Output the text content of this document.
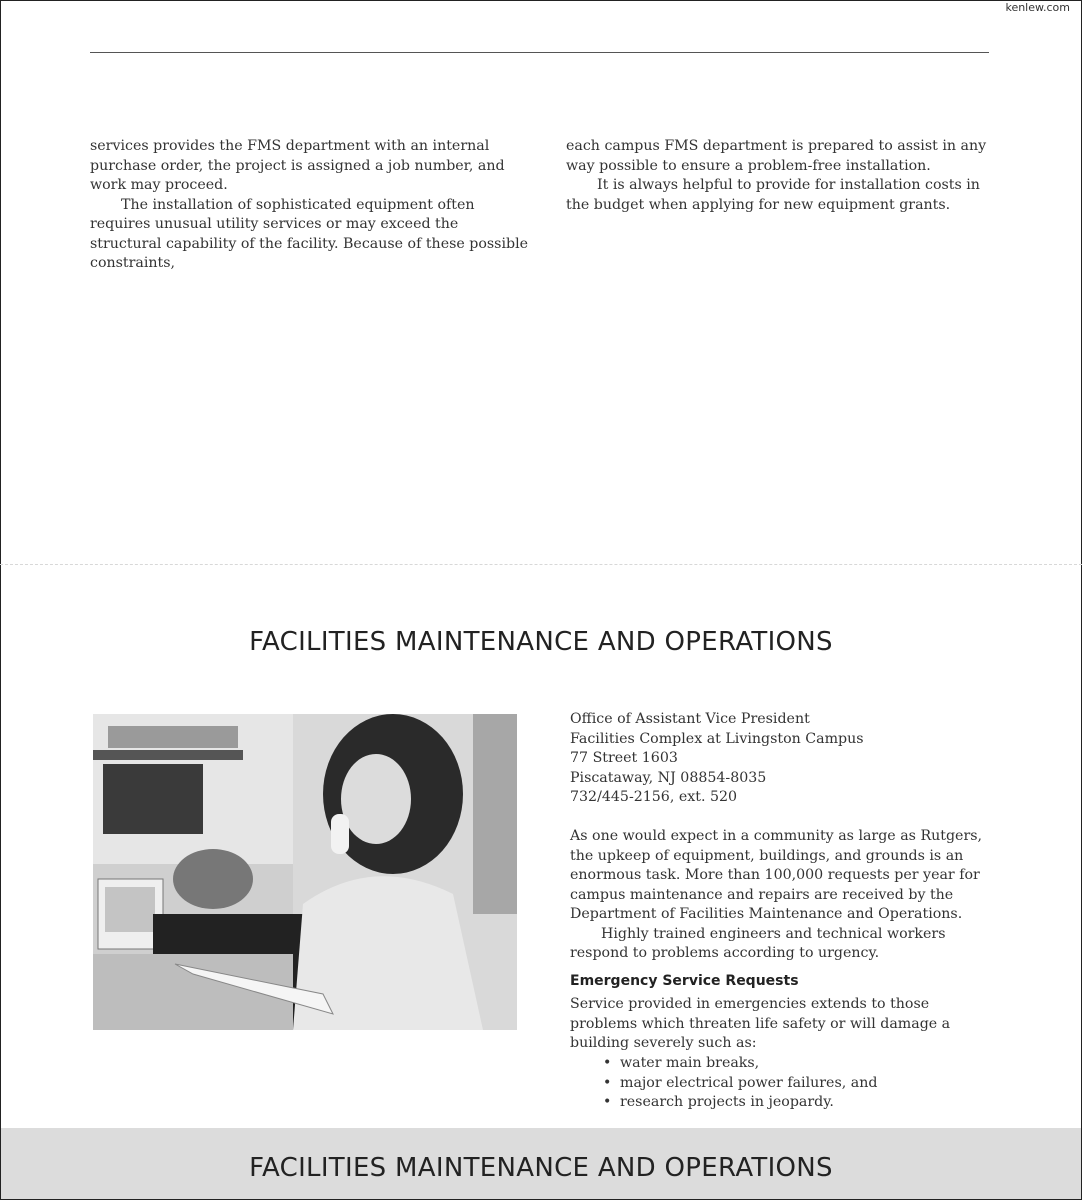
kenlew.com

services provides the FMS department with an internal purchase order, the project is assigned a job number, and work may proceed.

The installation of sophisticated equipment often requires unusual utility services or may exceed the structural capability of the facility. Because of these possible constraints,

each campus FMS department is prepared to assist in any way possible to ensure a problem-free installation.

It is always helpful to provide for installation costs in the budget when applying for new equipment grants.

FACILITIES MAINTENANCE AND OPERATIONS
Office of Assistant Vice President
Facilities Complex at Livingston Campus
77 Street 1603
Piscataway, NJ 08854-8035
732/445-2156, ext. 520

As one would expect in a community as large as Rutgers, the upkeep of equipment, buildings, and grounds is an enormous task. More than 100,000 requests per year for campus maintenance and repairs are received by the Department of Facilities Maintenance and Operations.

Highly trained engineers and technical workers respond to problems according to urgency.

Emergency Service Requests

Service provided in emergencies extends to those problems which threaten life safety or will damage a building severely such as:

• water main breaks,
• major electrical power failures, and
• research projects in jeopardy.
FACILITIES MAINTENANCE AND OPERATIONS
